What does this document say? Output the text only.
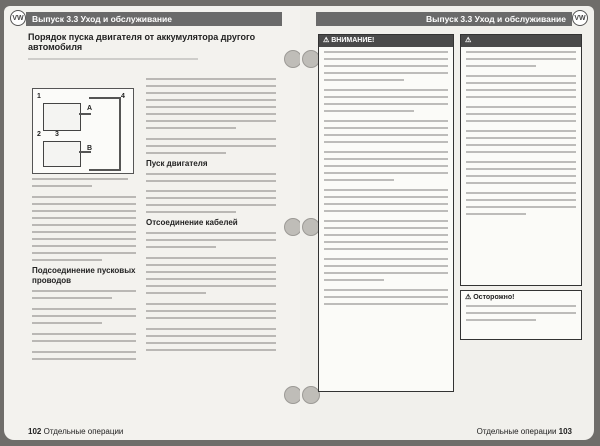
VW Выпуск 3.3 Уход и обслуживание
Порядок пуска двигателя от аккумулятора другого автомобиля
A
B
4
1
2 3
Подсоединение пусковых проводов
Пуск двигателя
Отсоединение кабелей
102 Отдельные операции
VW
Выпуск 3.3 Уход и обслуживание
⚠ ВНИМАНИЕ!	⚠
⚠ Осторожно!
Отдельные операции 103
